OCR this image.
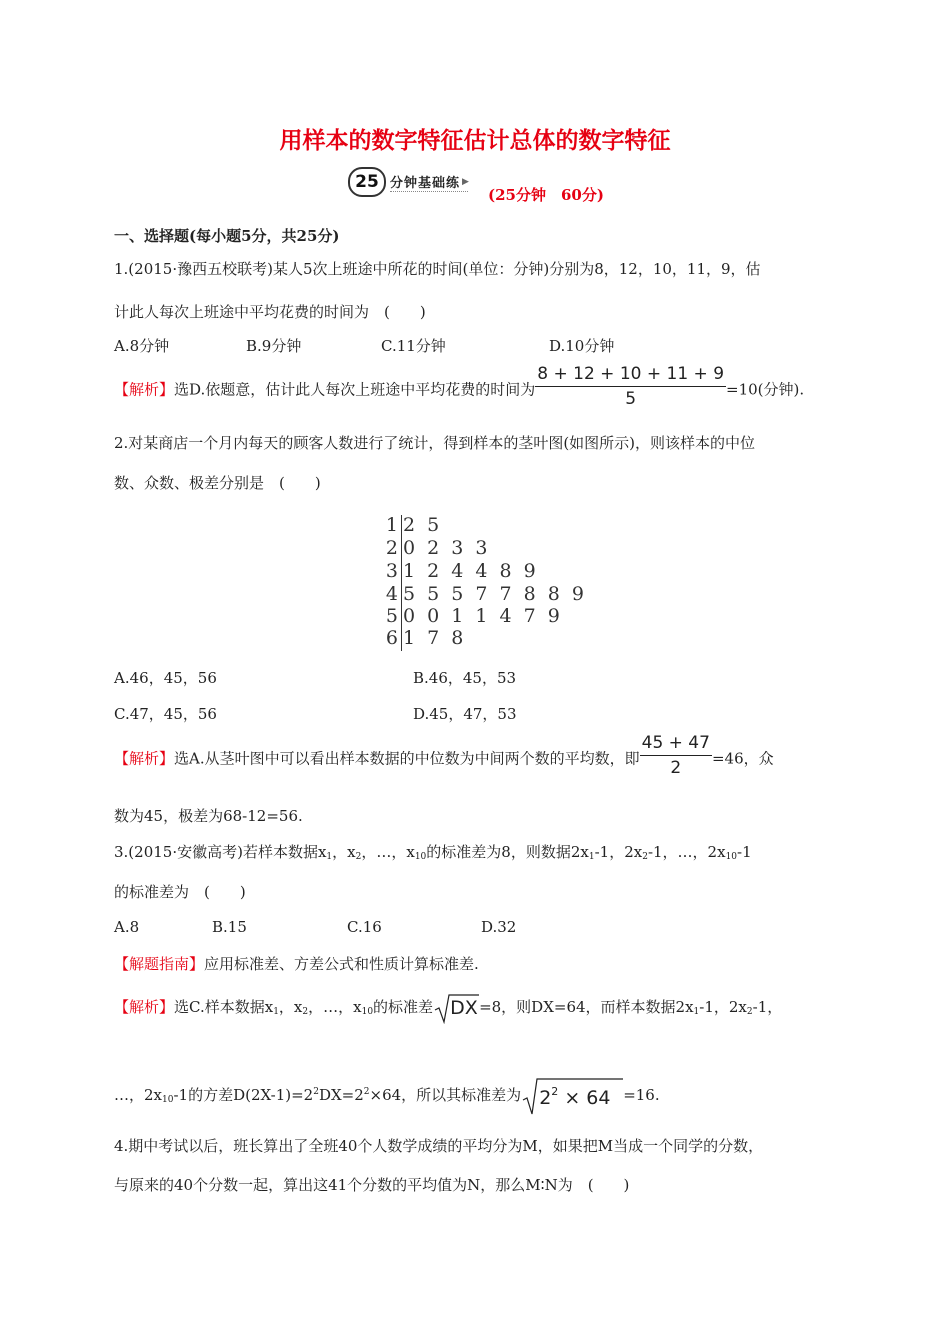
用样本的数字特征估计总体的数字特征
25 分钟基础练 ▶
(25分钟　60分)
一、选择题(每小题5分，共25分)
1.(2015·豫西五校联考)某人5次上班途中所花的时间(单位：分钟)分别为8，12，10，11，9，估
计此人每次上班途中平均花费的时间为　(　　)
A.8分钟	B.9分钟	C.11分钟	D.10分钟
【解析】选D.依题意，估计此人每次上班途中平均花费的时间为 $\frac{8 + 12 + 10 + 11 + 9}{5} =10$(分钟).
2.对某商店一个月内每天的顾客人数进行了统计，得到样本的茎叶图(如图所示)，则该样本的中位
数、众数、极差分别是　(　　)
1 2 5
2 0 2 3 3
3 1 2 4 4 8 9
4 5 5 5 7 7 8 8 9
5 0 0 1 1 4 7 9
6 1 7 8
A.46，45，56	B.46，45，53
C.47，45，56	D.45，47，53
【解析】选A.从茎叶图中可以看出样本数据的中位数为中间两个数的平均数，即 $\frac{45 + 47}{2} =46$，众
数为45，极差为68-12=56.
3.(2015·安徽高考)若样本数据$x_1$，$x_2$，…，$x_{10}$的标准差为8，则数据$2x_1-1$，$2x_2-1$，…，$2x_{10}-1$
的标准差为　(　　)
A.8	B.15	C.16	D.32
【解题指南】应用标准差、方差公式和性质计算标准差.
【解析】选C.样本数据$x_1$，$x_2$，…，$x_{10}$的标准差 DX =8，则DX=64，而样本数据$2x_1-1$，$2x_2-1$，
…，$2x_{10}-1$的方差$D(2X-1)=2^2DX=2^2\times 64$，所以其标准差为 $2^2 \times 64 =16$.
4.期中考试以后，班长算出了全班40个人数学成绩的平均分为M，如果把M当成一个同学的分数，
与原来的40个分数一起，算出这41个分数的平均值为N，那么M∶N为　(　　)
